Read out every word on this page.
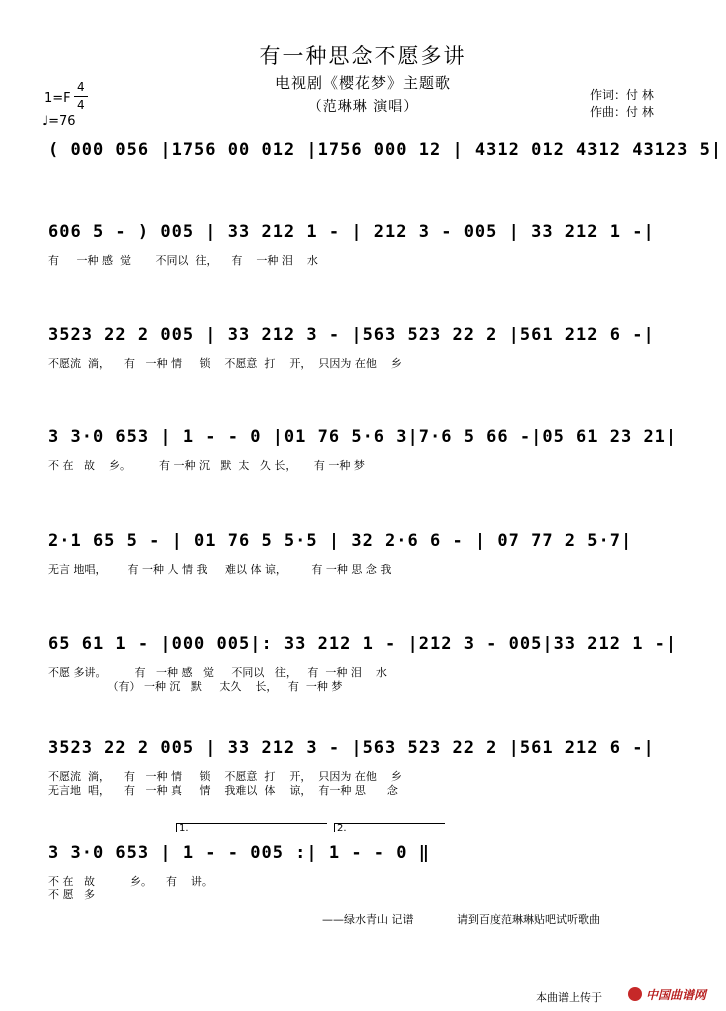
有一种思念不愿多讲
电视剧《樱花梦》主题歌
（范琳琳 演唱）
1=F
4
4
♩=76
作词：付 林
作曲：付 林
( 000 056 |1756 00 012 |1756 000 12 | 4312 012 4312 43123 5|
606 5 - ) 005 | 33 212 1 - | 212 3 - 005 | 33 212 1 -|
有     一种 感  觉       不同以  往，    有    一种 泪    水
3523 22 2 005 | 33 212 3 - |563 523 22 2 |561 212 6 -|
不愿流  淌，    有   一种 情     锁    不愿意  打    开，  只因为 在他    乡
3 3·0 653 | 1 - - 0 |01 76 5·6 3|7·6 5 66 -|05 61 23 21|
不 在   故    乡。        有 一种 沉   默  太   久 长，     有 一种 梦
2·1 65 5 - | 01 76 5 5·5 | 32 2·6 6 - | 07 77 2 5·7|
无言 地唱，      有 一种 人 情 我     难以 体 谅，       有 一种 思 念 我
65 61 1 - |000 005|: 33 212 1 - |212 3 - 005|33 212 1 -|
不愿 多讲。        有   一种 感   觉     不同以   往，   有  一种 泪    水
（有） 一种 沉   默     太久    长，   有  一种 梦
3523 22 2 005 | 33 212 3 - |563 523 22 2 |561 212 6 -|
不愿流  淌，    有   一种 情     锁    不愿意  打    开，  只因为 在他    乡
无言地  唱，    有   一种 真     情    我难以  体    谅，  有一种 思      念
1.	2.
3 3·0 653 | 1 - - 005 :| 1 - - 0 ‖
不 在   故          乡。    有    讲。
不 愿   多
——绿水青山 记谱	请到百度范琳琳贴吧试听歌曲
本曲谱上传于	中国曲谱网
